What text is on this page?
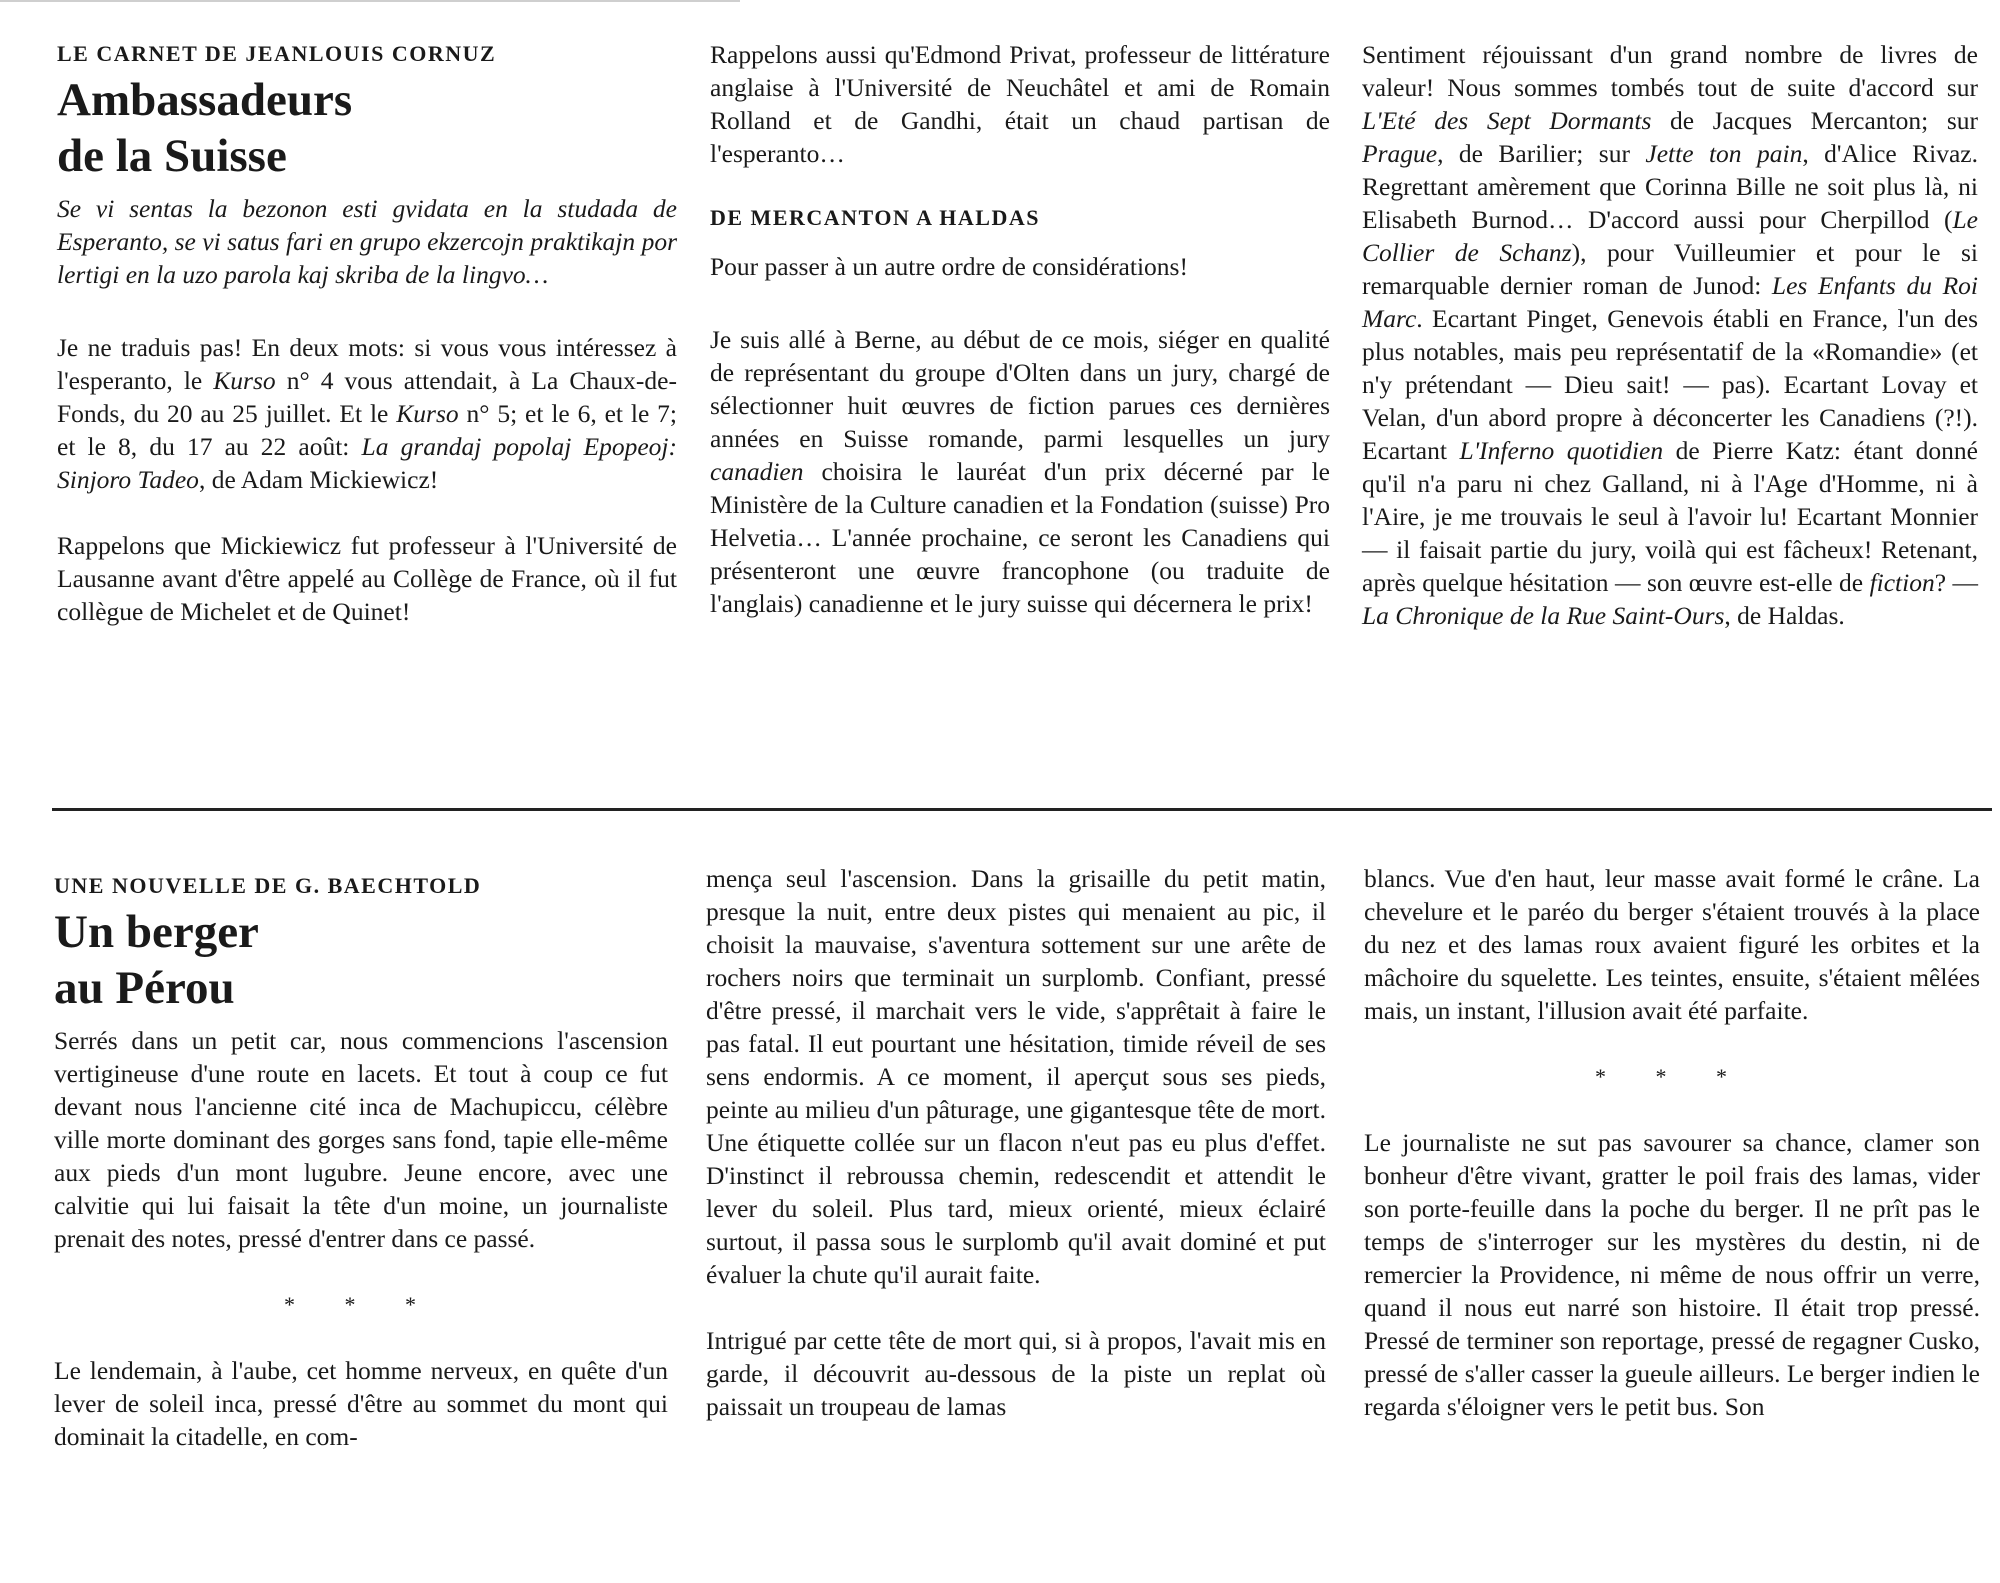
LE CARNET DE JEANLOUIS CORNUZ
Ambassadeurs
de la Suisse

Se vi sentas la bezonon esti gvidata en la studada de Esperanto, se vi satus fari en grupo ekzercojn praktikajn por lertigi en la uzo parola kaj skriba de la lingvo…

Je ne traduis pas! En deux mots: si vous vous intéressez à l'esperanto, le Kurso n° 4 vous attendait, à La Chaux-de-Fonds, du 20 au 25 juillet. Et le Kurso n° 5; et le 6, et le 7; et le 8, du 17 au 22 août: La grandaj popolaj Epopeoj: Sinjoro Tadeo, de Adam Mickiewicz!

Rappelons que Mickiewicz fut professeur à l'Université de Lausanne avant d'être appelé au Collège de France, où il fut collègue de Michelet et de Quinet!

Rappelons aussi qu'Edmond Privat, professeur de littérature anglaise à l'Université de Neuchâtel et ami de Romain Rolland et de Gandhi, était un chaud partisan de l'esperanto…

DE MERCANTON A HALDAS

Pour passer à un autre ordre de considérations!

Je suis allé à Berne, au début de ce mois, siéger en qualité de représentant du groupe d'Olten dans un jury, chargé de sélectionner huit œuvres de fiction parues ces dernières années en Suisse romande, parmi lesquelles un jury canadien choisira le lauréat d'un prix décerné par le Ministère de la Culture canadien et la Fondation (suisse) Pro Helvetia… L'année prochaine, ce seront les Canadiens qui présenteront une œuvre francophone (ou traduite de l'anglais) canadienne et le jury suisse qui décernera le prix!

Sentiment réjouissant d'un grand nombre de livres de valeur! Nous sommes tombés tout de suite d'accord sur L'Eté des Sept Dormants de Jacques Mercanton; sur Prague, de Barilier; sur Jette ton pain, d'Alice Rivaz. Regrettant amèrement que Corinna Bille ne soit plus là, ni Elisabeth Burnod… D'accord aussi pour Cherpillod (Le Collier de Schanz), pour Vuilleumier et pour le si remarquable dernier roman de Junod: Les Enfants du Roi Marc. Ecartant Pinget, Genevois établi en France, l'un des plus notables, mais peu représentatif de la «Romandie» (et n'y prétendant — Dieu sait! — pas). Ecartant Lovay et Velan, d'un abord propre à déconcerter les Canadiens (?!). Ecartant L'Inferno quotidien de Pierre Katz: étant donné qu'il n'a paru ni chez Galland, ni à l'Age d'Homme, ni à l'Aire, je me trouvais le seul à l'avoir lu! Ecartant Monnier — il faisait partie du jury, voilà qui est fâcheux! Retenant, après quelque hésitation — son œuvre est-elle de fiction? — La Chronique de la Rue Saint-Ours, de Haldas.

UNE NOUVELLE DE G. BAECHTOLD
Un berger
au Pérou

Serrés dans un petit car, nous commencions l'ascension vertigineuse d'une route en lacets. Et tout à coup ce fut devant nous l'ancienne cité inca de Machupiccu, célèbre ville morte dominant des gorges sans fond, tapie elle-même aux pieds d'un mont lugubre. Jeune encore, avec une calvitie qui lui faisait la tête d'un moine, un journaliste prenait des notes, pressé d'entrer dans ce passé.

* * *

Le lendemain, à l'aube, cet homme nerveux, en quête d'un lever de soleil inca, pressé d'être au sommet du mont qui dominait la citadelle, en com-

mença seul l'ascension. Dans la grisaille du petit matin, presque la nuit, entre deux pistes qui menaient au pic, il choisit la mauvaise, s'aventura sottement sur une arête de rochers noirs que terminait un surplomb. Confiant, pressé d'être pressé, il marchait vers le vide, s'apprêtait à faire le pas fatal. Il eut pourtant une hésitation, timide réveil de ses sens endormis. A ce moment, il aperçut sous ses pieds, peinte au milieu d'un pâturage, une gigantesque tête de mort. Une étiquette collée sur un flacon n'eut pas eu plus d'effet. D'instinct il rebroussa chemin, redescendit et attendit le lever du soleil. Plus tard, mieux orienté, mieux éclairé surtout, il passa sous le surplomb qu'il avait dominé et put évaluer la chute qu'il aurait faite.

Intrigué par cette tête de mort qui, si à propos, l'avait mis en garde, il découvrit au-dessous de la piste un replat où paissait un troupeau de lamas

blancs. Vue d'en haut, leur masse avait formé le crâne. La chevelure et le paréo du berger s'étaient trouvés à la place du nez et des lamas roux avaient figuré les orbites et la mâchoire du squelette. Les teintes, ensuite, s'étaient mêlées mais, un instant, l'illusion avait été parfaite.

* * *

Le journaliste ne sut pas savourer sa chance, clamer son bonheur d'être vivant, gratter le poil frais des lamas, vider son porte-feuille dans la poche du berger. Il ne prît pas le temps de s'interroger sur les mystères du destin, ni de remercier la Providence, ni même de nous offrir un verre, quand il nous eut narré son histoire. Il était trop pressé. Pressé de terminer son reportage, pressé de regagner Cusko, pressé de s'aller casser la gueule ailleurs. Le berger indien le regarda s'éloigner vers le petit bus. Son
